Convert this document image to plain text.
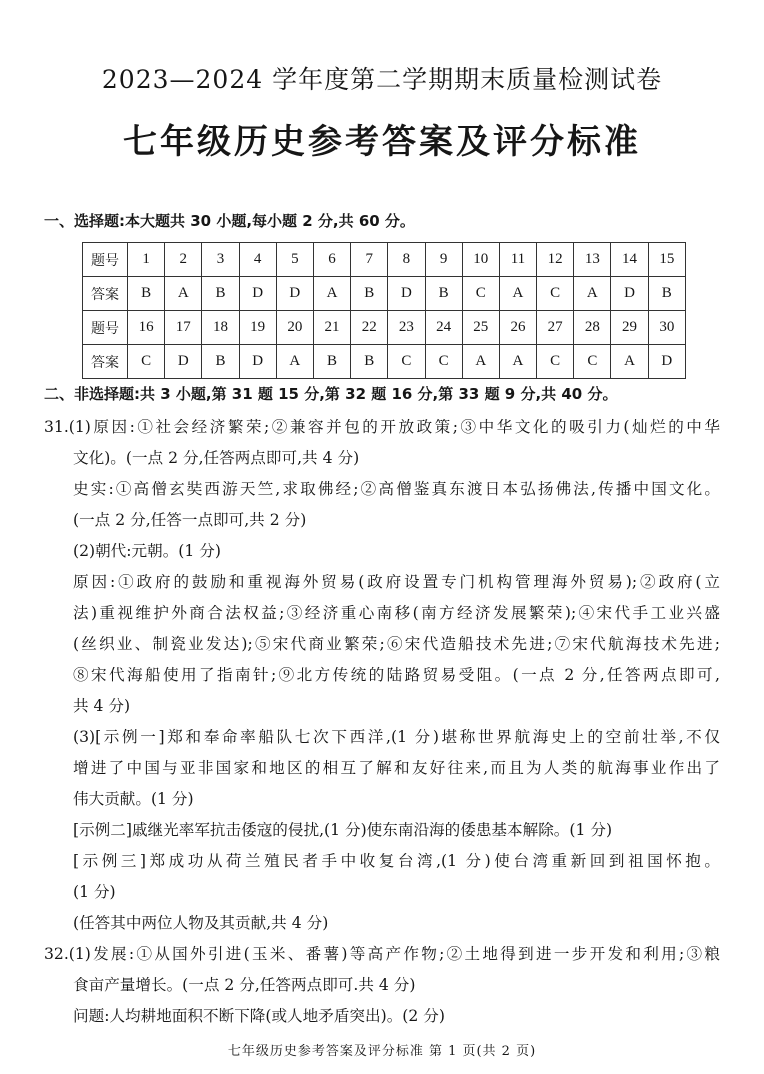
2023—2024 学年度第二学期期末质量检测试卷
七年级历史参考答案及评分标准
一、选择题:本大题共 30 小题,每小题 2 分,共 60 分。
题号	1	2	3	4	5	6	7	8	9	10	11	12	13	14	15
答案	B	A	B	D	D	A	B	D	B	C	A	C	A	D	B
题号	16	17	18	19	20	21	22	23	24	25	26	27	28	29	30
答案	C	D	B	D	A	B	B	C	C	A	A	C	C	A	D
二、非选择题:共 3 小题,第 31 题 15 分,第 32 题 16 分,第 33 题 9 分,共 40 分。
31.(1)原因:①社会经济繁荣;②兼容并包的开放政策;③中华文化的吸引力(灿烂的中华
文化)。(一点 2 分,任答两点即可,共 4 分)
史实:①高僧玄奘西游天竺,求取佛经;②高僧鉴真东渡日本弘扬佛法,传播中国文化。
(一点 2 分,任答一点即可,共 2 分)
(2)朝代:元朝。(1 分)
原因:①政府的鼓励和重视海外贸易(政府设置专门机构管理海外贸易);②政府(立
法)重视维护外商合法权益;③经济重心南移(南方经济发展繁荣);④宋代手工业兴盛
(丝织业、制瓷业发达);⑤宋代商业繁荣;⑥宋代造船技术先进;⑦宋代航海技术先进;
⑧宋代海船使用了指南针;⑨北方传统的陆路贸易受阻。(一点 2 分,任答两点即可,
共 4 分)
(3)[示例一]郑和奉命率船队七次下西洋,(1 分)堪称世界航海史上的空前壮举,不仅
增进了中国与亚非国家和地区的相互了解和友好往来,而且为人类的航海事业作出了
伟大贡献。(1 分)
[示例二]戚继光率军抗击倭寇的侵扰,(1 分)使东南沿海的倭患基本解除。(1 分)
[示例三]郑成功从荷兰殖民者手中收复台湾,(1 分)使台湾重新回到祖国怀抱。
(1 分)
(任答其中两位人物及其贡献,共 4 分)
32.(1)发展:①从国外引进(玉米、番薯)等高产作物;②土地得到进一步开发和利用;③粮
食亩产量增长。(一点 2 分,任答两点即可.共 4 分)
问题:人均耕地面积不断下降(或人地矛盾突出)。(2 分)
七年级历史参考答案及评分标准 第 1 页(共 2 页)
